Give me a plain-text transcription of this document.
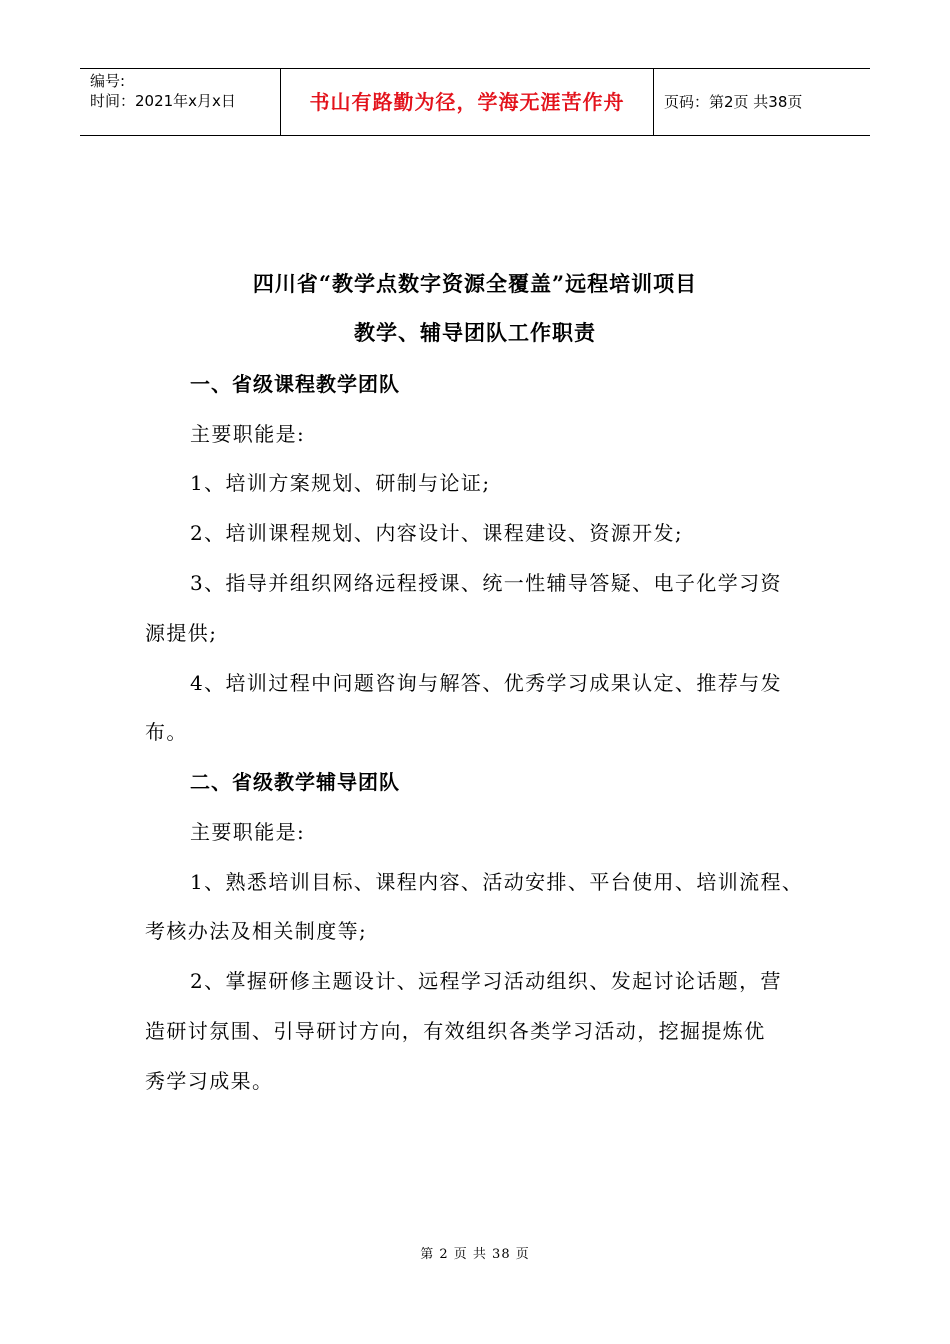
编号:
时间：2021年x月x日	书山有路勤为径，学海无涯苦作舟	页码：第2页 共38页
四川省“教学点数字资源全覆盖”远程培训项目
教学、辅导团队工作职责
一、省级课程教学团队
主要职能是:
1、培训方案规划、研制与论证;
2、培训课程规划、内容设计、课程建设、资源开发;
3、指导并组织网络远程授课、统一性辅导答疑、电子化学习资
源提供;
4、培训过程中问题咨询与解答、优秀学习成果认定、推荐与发
布。
二、省级教学辅导团队
主要职能是:
1、熟悉培训目标、课程内容、活动安排、平台使用、培训流程、
考核办法及相关制度等;
2、掌握研修主题设计、远程学习活动组织、发起讨论话题，营
造研讨氛围、引导研讨方向，有效组织各类学习活动，挖掘提炼优
秀学习成果。
第 2 页 共 38 页
